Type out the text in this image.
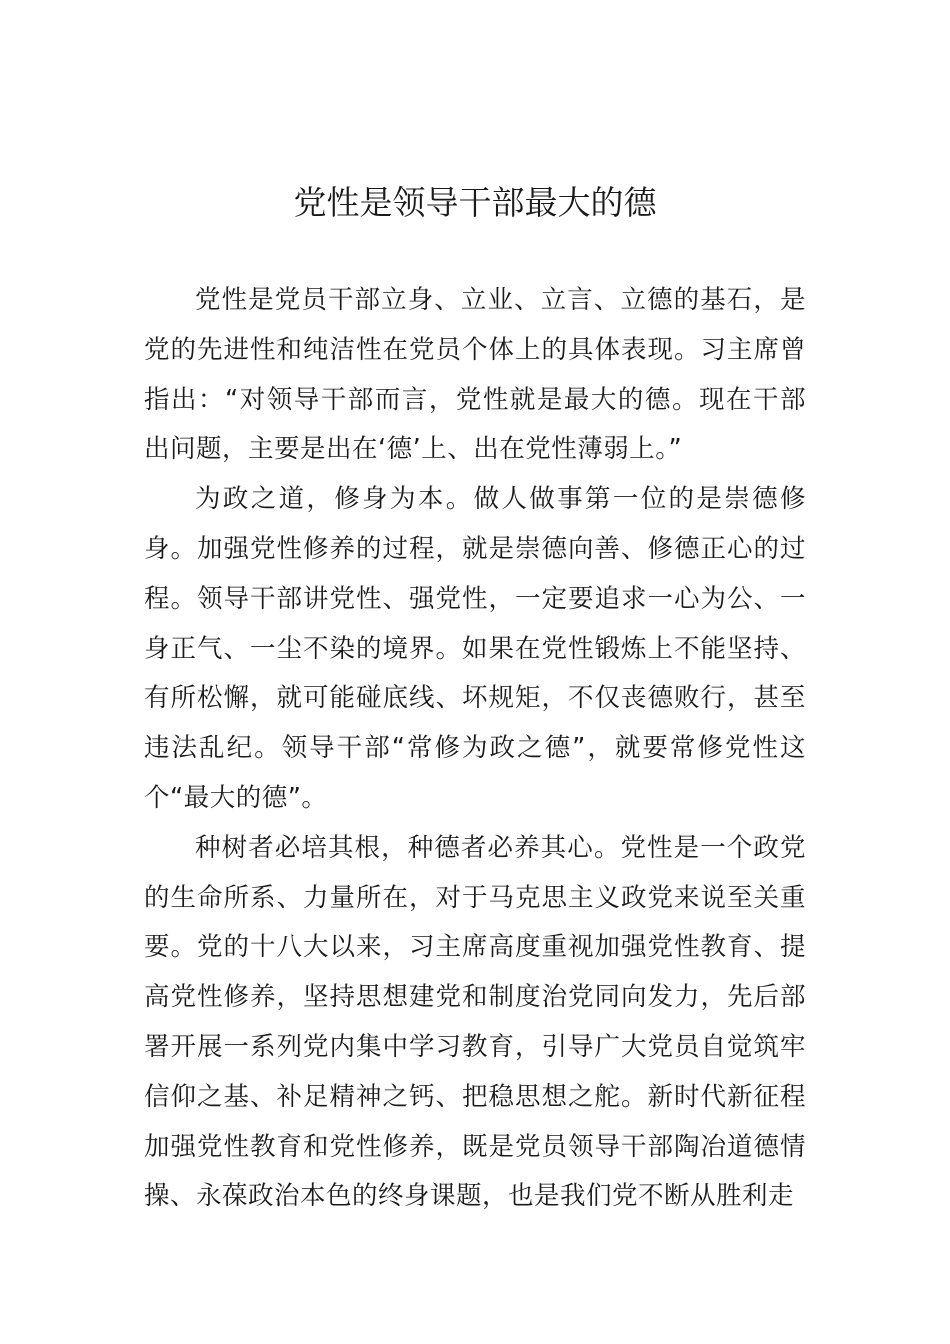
党性是领导干部最大的德

党性是党员干部立身、立业、立言、立德的基石，是党的先进性和纯洁性在党员个体上的具体表现。习主席曾指出：“对领导干部而言，党性就是最大的德。现在干部出问题，主要是出在‘德’上、出在党性薄弱上。”

为政之道，修身为本。做人做事第一位的是崇德修身。加强党性修养的过程，就是崇德向善、修德正心的过程。领导干部讲党性、强党性，一定要追求一心为公、一身正气、一尘不染的境界。如果在党性锻炼上不能坚持、有所松懈，就可能碰底线、坏规矩，不仅丧德败行，甚至违法乱纪。领导干部“常修为政之德”，就要常修党性这个“最大的德”。

种树者必培其根，种德者必养其心。党性是一个政党的生命所系、力量所在，对于马克思主义政党来说至关重要。党的十八大以来，习主席高度重视加强党性教育、提高党性修养，坚持思想建党和制度治党同向发力，先后部署开展一系列党内集中学习教育，引导广大党员自觉筑牢信仰之基、补足精神之钙、把稳思想之舵。新时代新征程加强党性教育和党性修养，既是党员领导干部陶冶道德情操、永葆政治本色的终身课题，也是我们党不断从胜利走
